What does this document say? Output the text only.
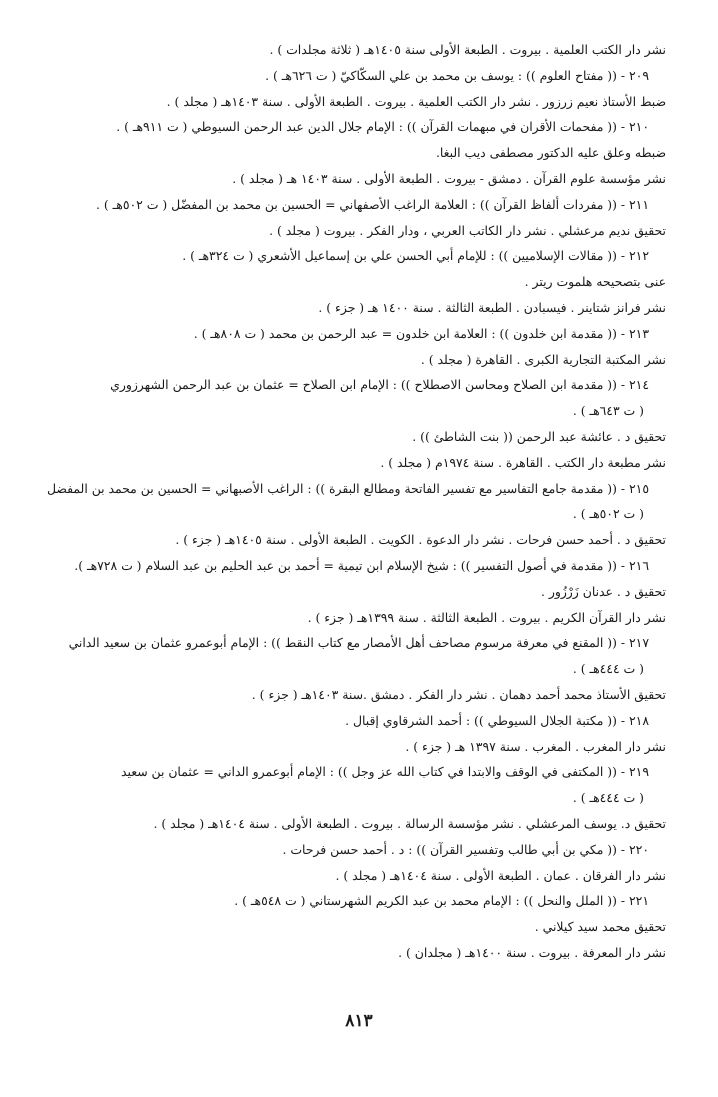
نشر دار الكتب العلمية . بيروت . الطبعة الأولى سنة ١٤٠٥هـ ( ثلاثة مجلدات ) .
٢٠٩ - (( مفتاح العلوم )) : يوسف بن محمد بن علي السكّاكيّ ( ت ٦٢٦هـ ) .
ضبط الأستاذ نعيم زرزور . نشر دار الكتب العلمية . بيروت . الطبعة الأولى . سنة ١٤٠٣هـ ( مجلد ) .
٢١٠ - (( مفحمات الأقران في مبهمات القرآن )) : الإمام جلال الدين عبد الرحمن السيوطي ( ت ٩١١هـ ) .
ضبطه وعلق عليه الدكتور مصطفى ديب البغا.
نشر مؤسسة علوم القرآن . دمشق - بيروت . الطبعة الأولى . سنة ١٤٠٣ هـ ( مجلد ) .
٢١١ - (( مفردات ألفاظ القرآن )) : العلامة الراغب الأصفهاني = الحسين بن محمد بن المفضّل ( ت ٥٠٢هـ ) .
تحقيق نديم مرعشلي . نشر دار الكاتب العربي ، ودار الفكر . بيروت ( مجلد ) .
٢١٢ - (( مقالات الإسلاميين )) : للإمام أبي الحسن علي بن إسماعيل الأشعري ( ت ٣٢٤هـ ) .
عنى بتصحيحه هلموت ريتر .
نشر فرانز شتاينر . فيسبادن . الطبعة الثالثة . سنة ١٤٠٠ هـ ( جزء ) .
٢١٣ - (( مقدمة ابن خلدون )) : العلامة ابن خلدون = عبد الرحمن بن محمد ( ت ٨٠٨هـ ) .
نشر المكتبة التجارية الكبرى . القاهرة ( مجلد ) .
٢١٤ - (( مقدمة ابن الصلاح ومحاسن الاصطلاح )) : الإمام ابن الصلاح = عثمان بن عبد الرحمن الشهرزوري
( ت ٦٤٣هـ ) .
تحقيق د . عائشة عبد الرحمن (( بنت الشاطئ )) .
نشر مطبعة دار الكتب . القاهرة . سنة ١٩٧٤م ( مجلد ) .
٢١٥ - (( مقدمة جامع التفاسير مع تفسير الفاتحة ومطالع البقرة )) : الراغب الأصبهاني = الحسين بن محمد بن المفضل
( ت ٥٠٢هـ ) .
تحقيق د . أحمد حسن فرحات . نشر دار الدعوة . الكويت . الطبعة الأولى . سنة ١٤٠٥هـ ( جزء ) .
٢١٦ - (( مقدمة في أصول التفسير )) : شيخ الإسلام ابن تيمية = أحمد بن عبد الحليم بن عبد السلام ( ت ٧٢٨هـ ).
تحقيق د . عدنان زَرْزُور .
نشر دار القرآن الكريم . بيروت . الطبعة الثالثة . سنة ١٣٩٩هـ ( جزء ) .
٢١٧ - (( المقنع في معرفة مرسوم مصاحف أهل الأمصار مع كتاب النقط )) : الإمام أبوعمرو عثمان بن سعيد الداني
( ت ٤٤٤هـ ) .
تحقيق الأستاذ محمد أحمد دهمان . نشر دار الفكر . دمشق .سنة ١٤٠٣هـ ( جزء ) .
٢١٨ - (( مكتبة الجلال السيوطي )) : أحمد الشرقاوي إقبال .
نشر دار المغرب . المغرب . سنة ١٣٩٧ هـ ( جزء ) .
٢١٩ - (( المكتفى في الوقف والابتدا في كتاب الله عز وجل )) : الإمام أبوعمرو الداني = عثمان بن سعيد
( ت ٤٤٤هـ ) .
تحقيق د. يوسف المرعشلي . نشر مؤسسة الرسالة . بيروت . الطبعة الأولى . سنة ١٤٠٤هـ ( مجلد ) .
٢٢٠ - (( مكي بن أبي طالب وتفسير القرآن )) : د . أحمد حسن فرحات .
نشر دار الفرقان . عمان . الطبعة الأولى . سنة ١٤٠٤هـ ( مجلد ) .
٢٢١ - (( الملل والنحل )) : الإمام محمد بن عبد الكريم الشهرستاني ( ت ٥٤٨هـ ) .
تحقيق محمد سيد كيلاني .
نشر دار المعرفة . بيروت . سنة ١٤٠٠هـ ( مجلدان ) .
٨١٣
